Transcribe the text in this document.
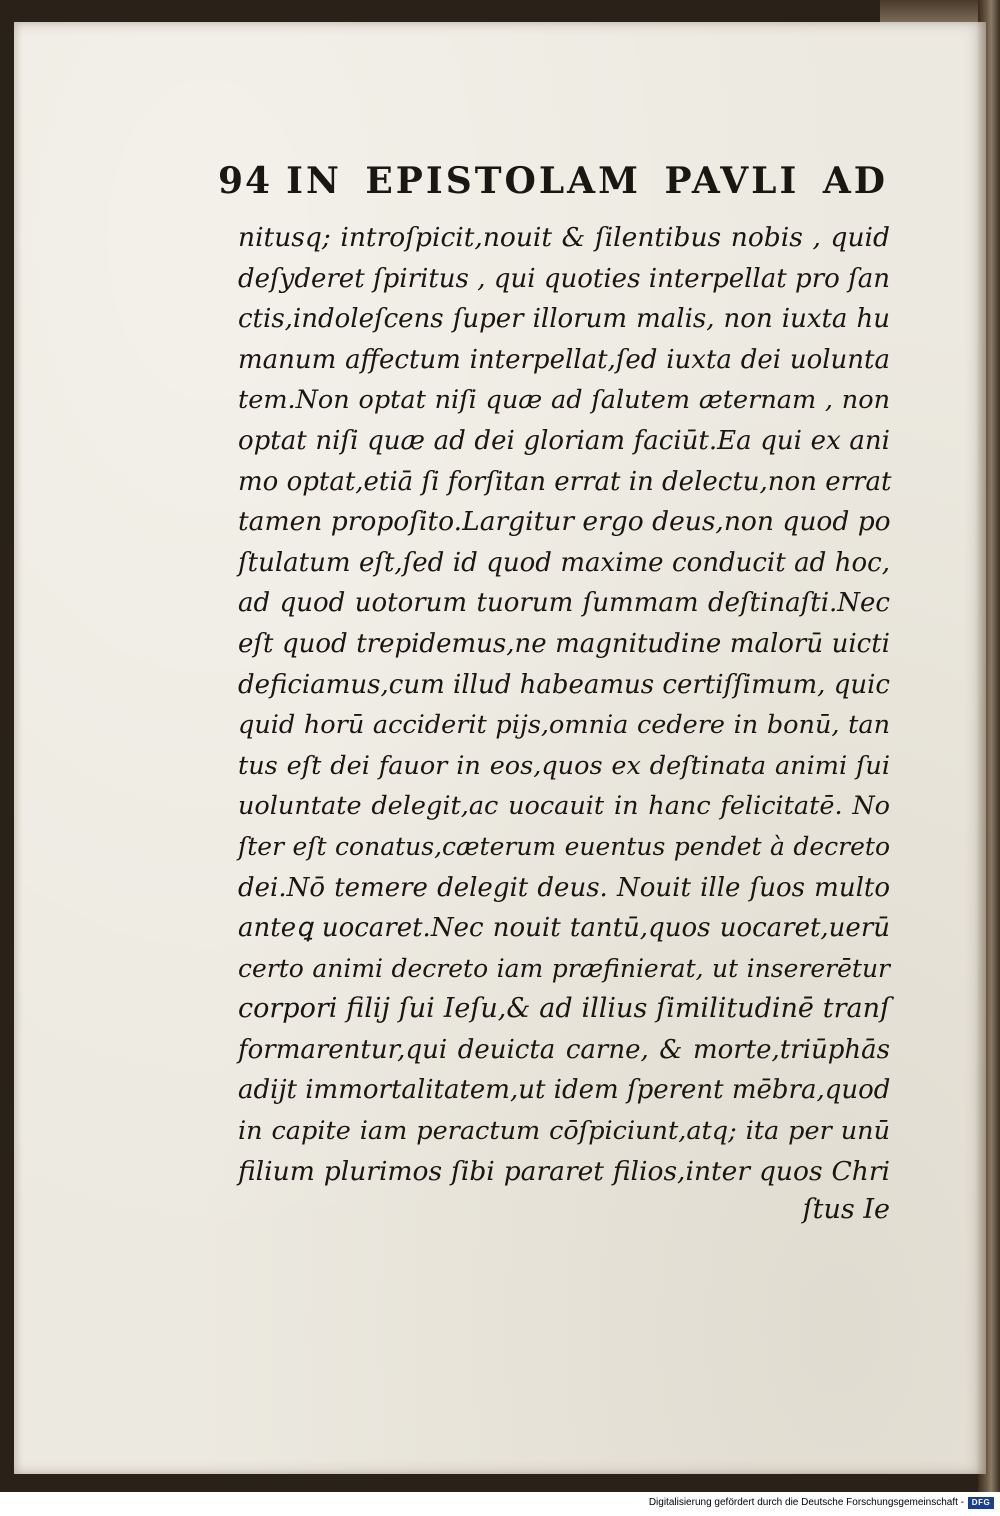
94 IN EPISTOLAM PAVLI AD
nitusq; introſpicit,nouit & ſilentibus nobis , quid
deſyderet ſpiritus , qui quoties interpellat pro ſan
ctis,indoleſcens ſuper illorum malis, non iuxta hu
manum affectum interpellat,ſed iuxta dei uolunta
tem.Non optat niſi quæ ad ſalutem æternam , non
optat niſi quæ ad dei gloriam faciūt.Ea qui ex ani
mo optat,etiā ſi forſitan errat in delectu,non errat
tamen propoſito.Largitur ergo deus,non quod po
ſtulatum eſt,ſed id quod maxime conducit ad hoc,
ad quod uotorum tuorum ſummam deſtinaſti.Nec
eſt quod trepidemus,ne magnitudine malorū uicti
deficiamus,cum illud habeamus certiſſimum, quic
quid horū acciderit pijs,omnia cedere in bonū, tan
tus eſt dei fauor in eos,quos ex deſtinata animi ſui
uoluntate delegit,ac uocauit in hanc felicitatē. No
ſter eſt conatus,cæterum euentus pendet à decreto
dei.Nō temere delegit deus. Nouit ille ſuos multo
anteꝗ uocaret.Nec nouit tantū,quos uocaret,uerū
certo animi decreto iam præfinierat, ut insererētur
corpori filij ſui Ieſu,& ad illius ſimilitudinē tranſ
formarentur,qui deuicta carne, & morte,triūphās
adijt immortalitatem,ut idem ſperent mēbra,quod
in capite iam peractum cōſpiciunt,atq; ita per unū
filium plurimos ſibi pararet filios,inter quos Chri
ſtus Ie
Digitalisierung gefördert durch die Deutsche Forschungsgemeinschaft - DFG
